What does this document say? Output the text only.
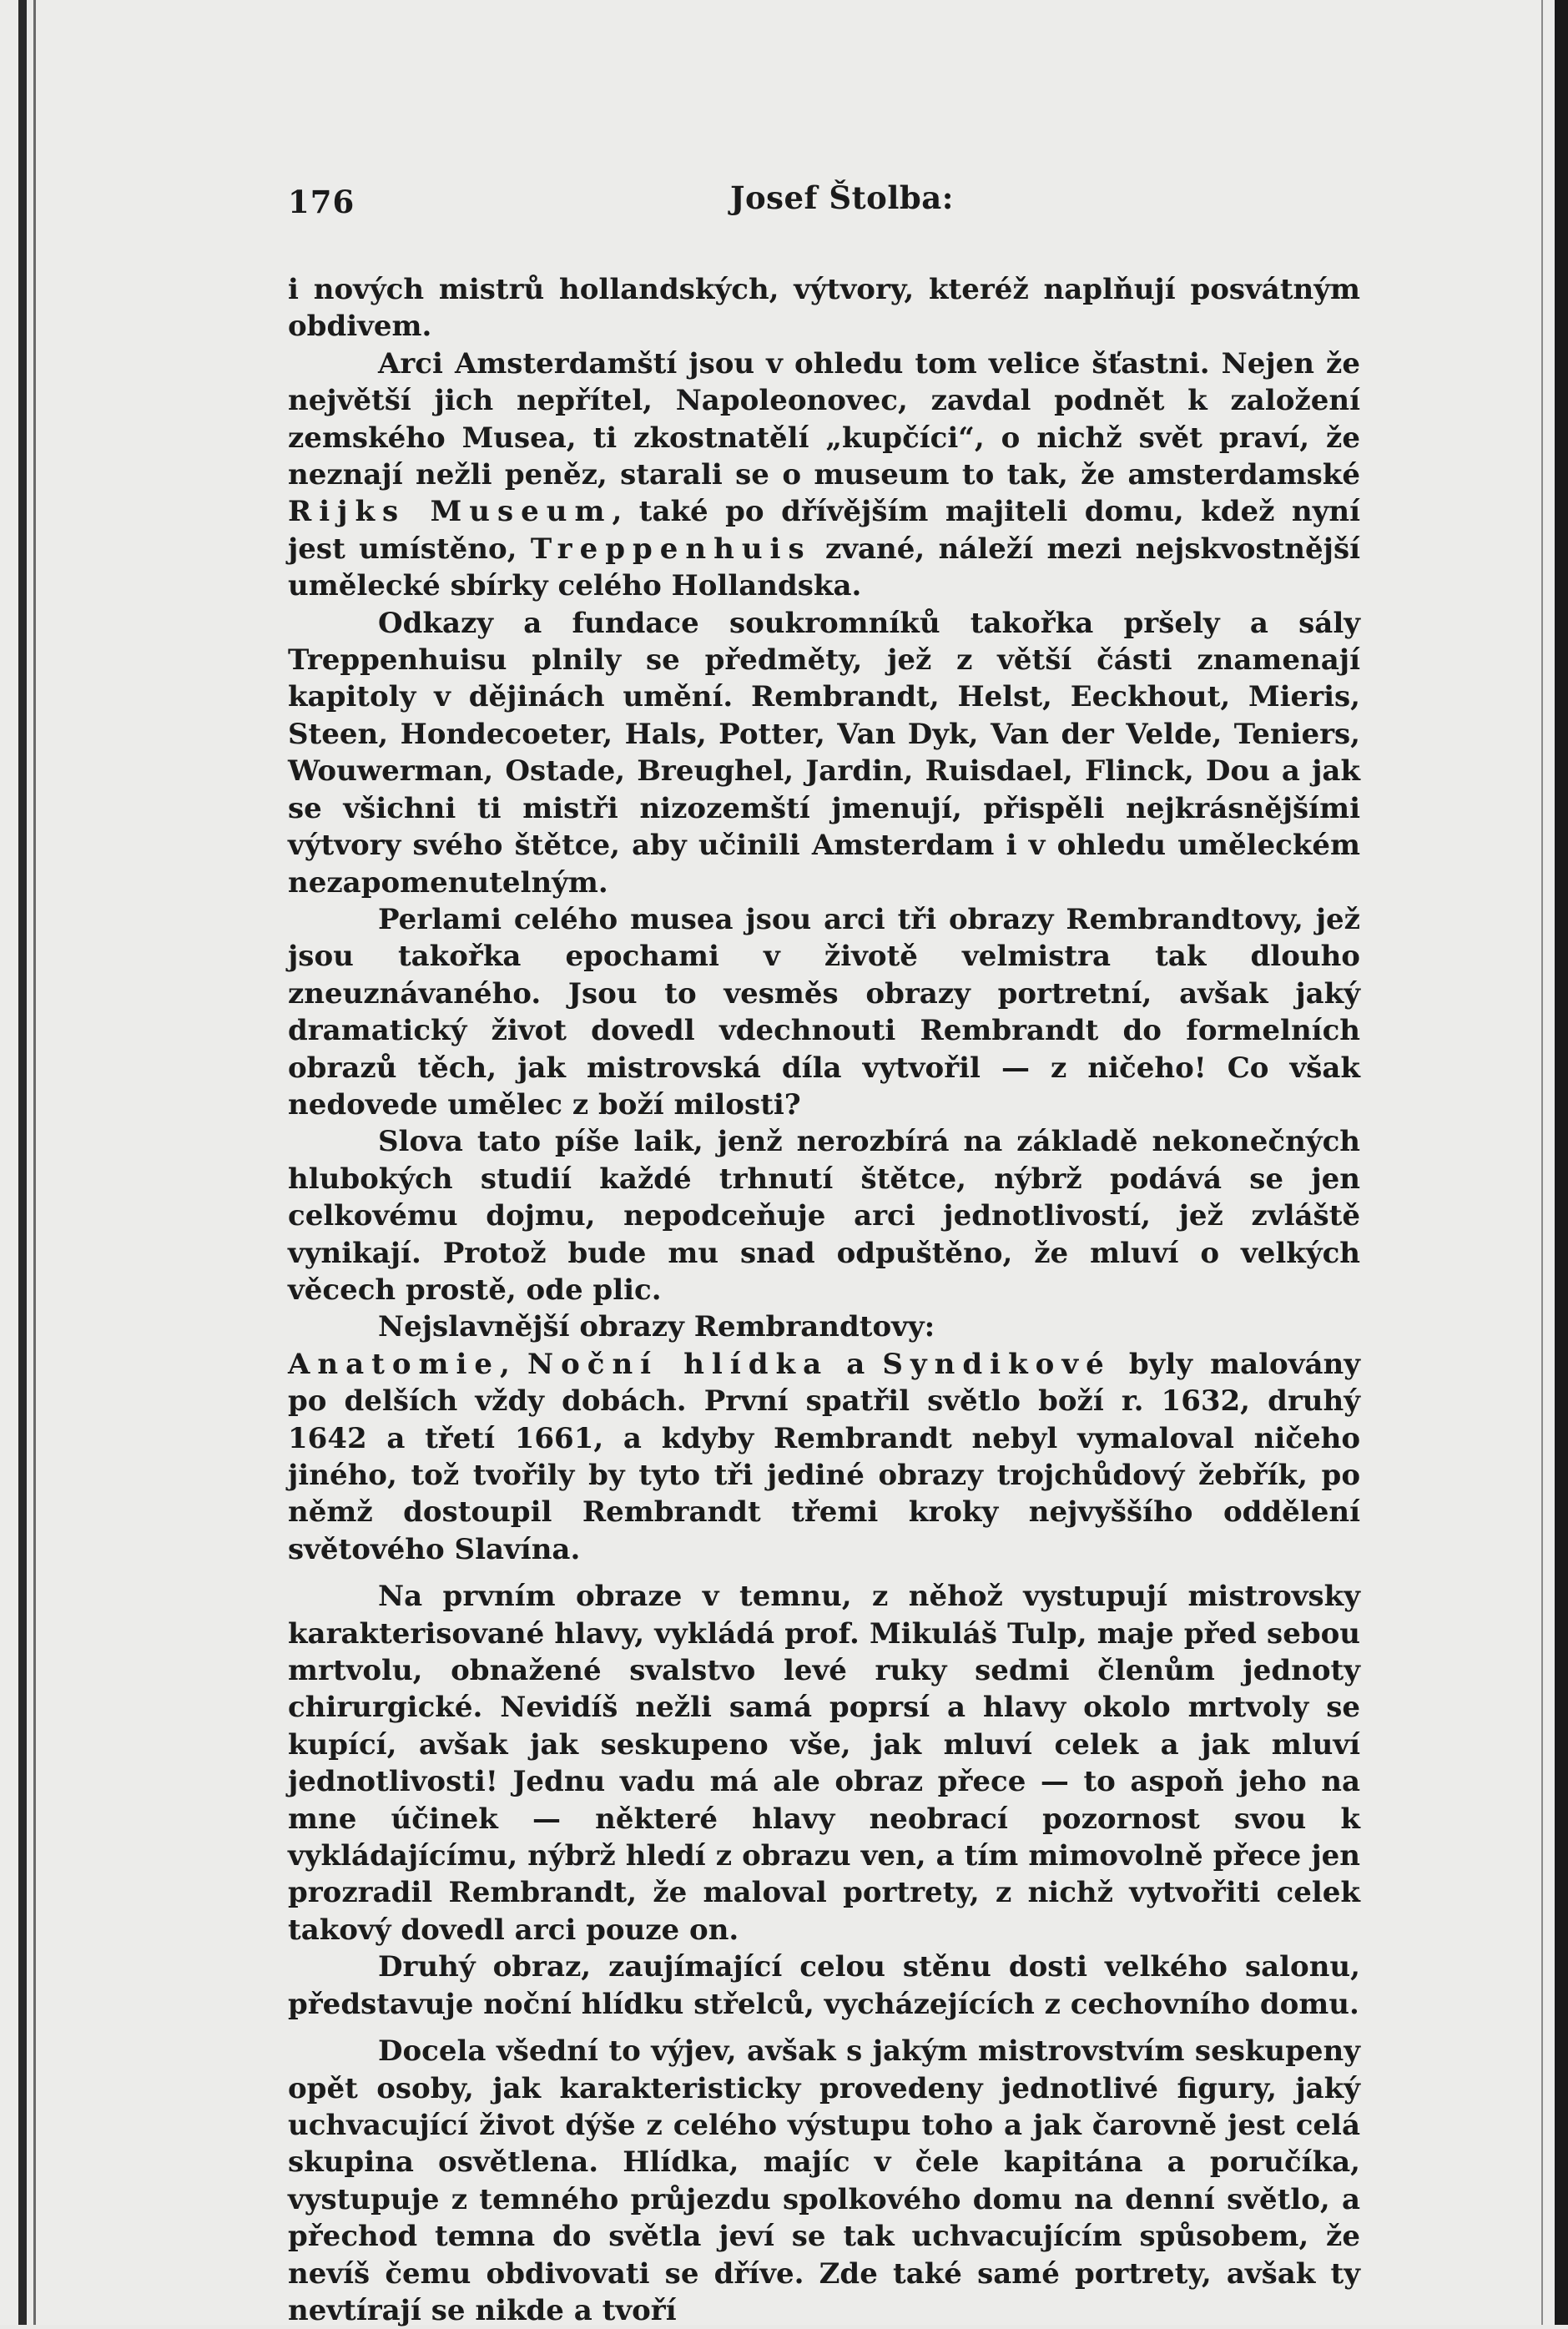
176	Josef Štolba:

i nových mistrů hollandských, výtvory, kteréž naplňují posvátným obdivem.

Arci Amsterdamští jsou v ohledu tom velice šťastni. Nejen že největší jich nepřítel, Napoleonovec, zavdal podnět k založení zemského Musea, ti zkostnatělí „kupčíci“, o nichž svět praví, že neznají nežli peněz, starali se o museum to tak, že amsterdamské Rijks Museum, také po dřívějším majiteli domu, kdež nyní jest umístěno, Treppenhuis zvané, náleží mezi nejskvostnější umělecké sbírky celého Hollandska.

Odkazy a fundace soukromníků takořka pršely a sály Treppenhuisu plnily se předměty, jež z větší části znamenají kapitoly v dějinách umění. Rembrandt, Helst, Eeckhout, Mieris, Steen, Hondecoeter, Hals, Potter, Van Dyk, Van der Velde, Teniers, Wouwerman, Ostade, Breughel, Jardin, Ruisdael, Flinck, Dou a jak se všichni ti mistři nizozemští jmenují, přispěli nejkrásnějšími výtvory svého štětce, aby učinili Amsterdam i v ohledu uměleckém nezapomenutelným.

Perlami celého musea jsou arci tři obrazy Rembrandtovy, jež jsou takořka epochami v životě velmistra tak dlouho zneuznávaného. Jsou to vesměs obrazy portretní, avšak jaký dramatický život dovedl vdechnouti Rembrandt do formelních obrazů těch, jak mistrovská díla vytvořil — z ničeho! Co však nedovede umělec z boží milosti?

Slova tato píše laik, jenž nerozbírá na základě nekonečných hlubokých studií každé trhnutí štětce, nýbrž podává se jen celkovému dojmu, nepodceňuje arci jednotlivostí, jež zvláště vynikají. Protož bude mu snad odpuštěno, že mluví o velkých věcech prostě, ode plic.

Nejslavnější obrazy Rembrandtovy:

Anatomie, Noční hlídka a Syndikové byly malovány po delších vždy dobách. První spatřil světlo boží r. 1632, druhý 1642 a třetí 1661, a kdyby Rembrandt nebyl vymaloval ničeho jiného, tož tvořily by tyto tři jediné obrazy trojchůdový žebřík, po němž dostoupil Rembrandt třemi kroky nejvyššího oddělení světového Slavína.

Na prvním obraze v temnu, z něhož vystupují mistrovsky karakterisované hlavy, vykládá prof. Mikuláš Tulp, maje před sebou mrtvolu, obnažené svalstvo levé ruky sedmi členům jednoty chirurgické. Nevidíš nežli samá poprsí a hlavy okolo mrtvoly se kupící, avšak jak seskupeno vše, jak mluví celek a jak mluví jednotlivosti! Jednu vadu má ale obraz přece — to aspoň jeho na mne účinek — některé hlavy neobrací pozornost svou k vykládajícímu, nýbrž hledí z obrazu ven, a tím mimovolně přece jen prozradil Rembrandt, že maloval portrety, z nichž vytvořiti celek takový dovedl arci pouze on.

Druhý obraz, zaujímající celou stěnu dosti velkého salonu, představuje noční hlídku střelců, vycházejících z cechovního domu.

Docela všední to výjev, avšak s jakým mistrovstvím seskupeny opět osoby, jak karakteristicky provedeny jednotlivé figury, jaký uchvacující život dýše z celého výstupu toho a jak čarovně jest celá skupina osvětlena. Hlídka, majíc v čele kapitána a poručíka, vystupuje z temného průjezdu spolkového domu na denní světlo, a přechod temna do světla jeví se tak uchvacujícím spůsobem, že nevíš čemu obdivovati se dříve. Zde také samé portrety, avšak ty nevtírají se nikde a tvoří
